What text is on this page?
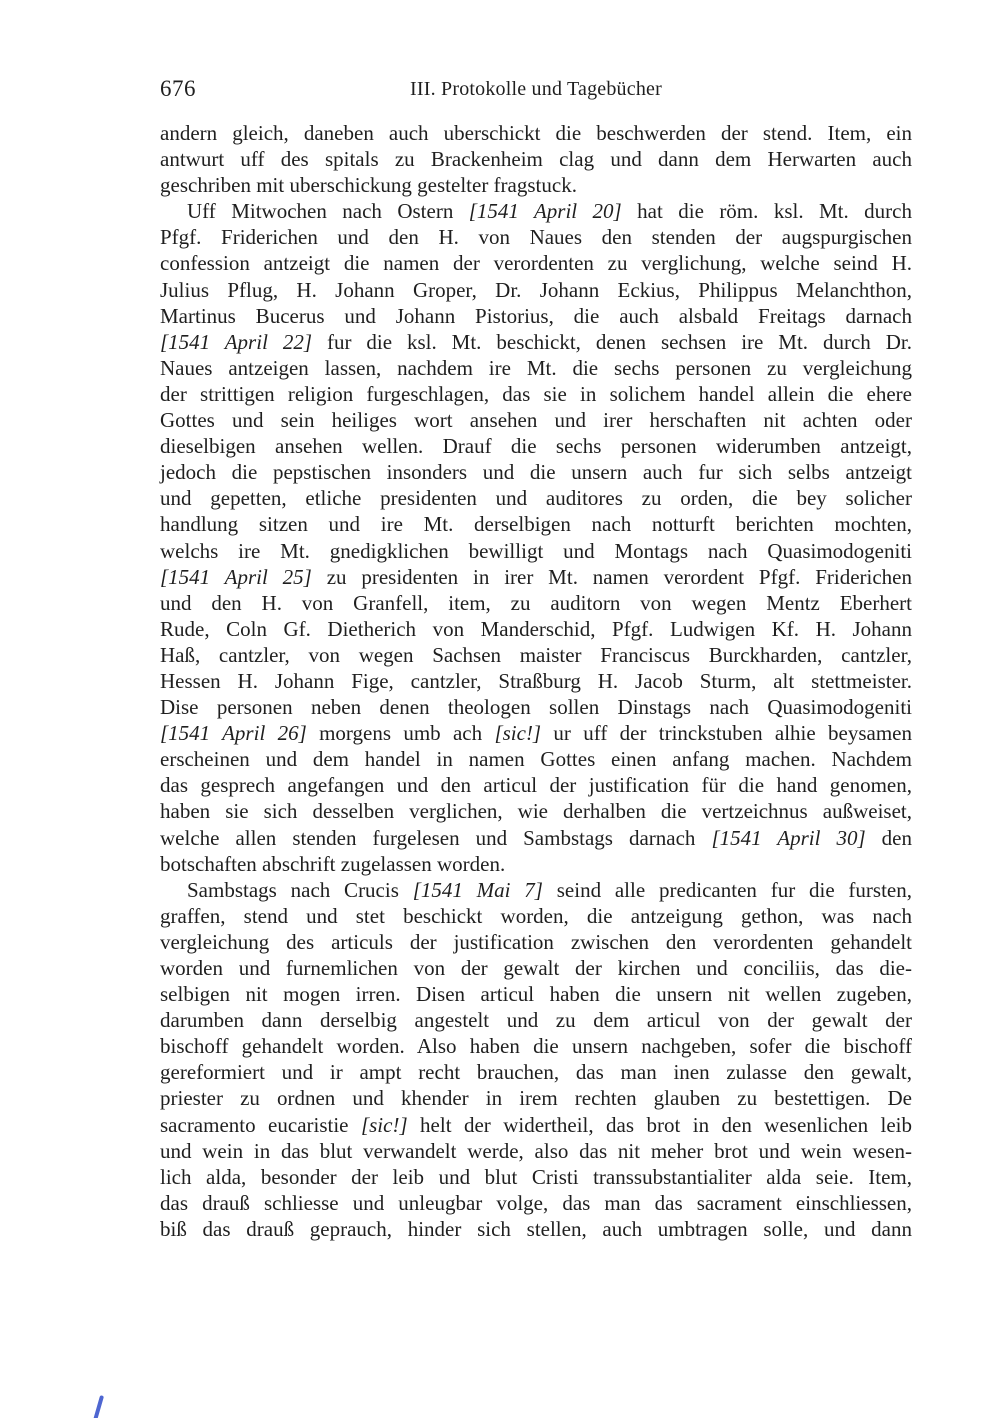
676	III. Protokolle und Tagebücher
andern gleich, daneben auch uberschickt die beschwerden der stend. Item, ein
antwurt uff des spitals zu Brackenheim clag und dann dem Herwarten auch
geschriben mit uberschickung gestelter fragstuck.
Uff Mitwochen nach Ostern [1541 April 20] hat die röm. ksl. Mt. durch
Pfgf. Friderichen und den H. von Naues den stenden der augspurgischen
confession antzeigt die namen der verordenten zu verglichung, welche seind H.
Julius Pflug, H. Johann Groper, Dr. Johann Eckius, Philippus Melanchthon,
Martinus Bucerus und Johann Pistorius, die auch alsbald Freitags darnach
[1541 April 22] fur die ksl. Mt. beschickt, denen sechsen ire Mt. durch Dr.
Naues antzeigen lassen, nachdem ire Mt. die sechs personen zu vergleichung
der strittigen religion furgeschlagen, das sie in solichem handel allein die ehere
Gottes und sein heiliges wort ansehen und irer herschaften nit achten oder
dieselbigen ansehen wellen. Drauf die sechs personen widerumben antzeigt,
jedoch die pepstischen insonders und die unsern auch fur sich selbs antzeigt
und gepetten, etliche presidenten und auditores zu orden, die bey solicher
handlung sitzen und ire Mt. derselbigen nach notturft berichten mochten,
welchs ire Mt. gnedigklichen bewilligt und Montags nach Quasimodogeniti
[1541 April 25] zu presidenten in irer Mt. namen verordent Pfgf. Friderichen
und den H. von Granfell, item, zu auditorn von wegen Mentz Eberhert
Rude, Coln Gf. Dietherich von Manderschid, Pfgf. Ludwigen Kf. H. Johann
Haß, cantzler, von wegen Sachsen maister Franciscus Burckharden, cantzler,
Hessen H. Johann Fige, cantzler, Straßburg H. Jacob Sturm, alt stettmeister.
Dise personen neben denen theologen sollen Dinstags nach Quasimodogeniti
[1541 April 26] morgens umb ach [sic!] ur uff der trinckstuben alhie beysamen
erscheinen und dem handel in namen Gottes einen anfang machen. Nachdem
das gesprech angefangen und den articul der justification für die hand genomen,
haben sie sich desselben verglichen, wie derhalben die vertzeichnus außweiset,
welche allen stenden furgelesen und Sambstags darnach [1541 April 30] den
botschaften abschrift zugelassen worden.
Sambstags nach Crucis [1541 Mai 7] seind alle predicanten fur die fursten,
graffen, stend und stet beschickt worden, die antzeigung gethon, was nach
vergleichung des articuls der justification zwischen den verordenten gehandelt
worden und furnemlichen von der gewalt der kirchen und conciliis, das die-
selbigen nit mogen irren. Disen articul haben die unsern nit wellen zugeben,
darumben dann derselbig angestelt und zu dem articul von der gewalt der
bischoff gehandelt worden. Also haben die unsern nachgeben, sofer die bischoff
gereformiert und ir ampt recht brauchen, das man inen zulasse den gewalt,
priester zu ordnen und khender in irem rechten glauben zu bestettigen. De
sacramento eucaristie [sic!] helt der widertheil, das brot in den wesenlichen leib
und wein in das blut verwandelt werde, also das nit meher brot und wein wesen-
lich alda, besonder der leib und blut Cristi transsubstantialiter alda seie. Item,
das drauß schliesse und unleugbar volge, das man das sacrament einschliessen,
biß das drauß geprauch, hinder sich stellen, auch umbtragen solle, und dann
